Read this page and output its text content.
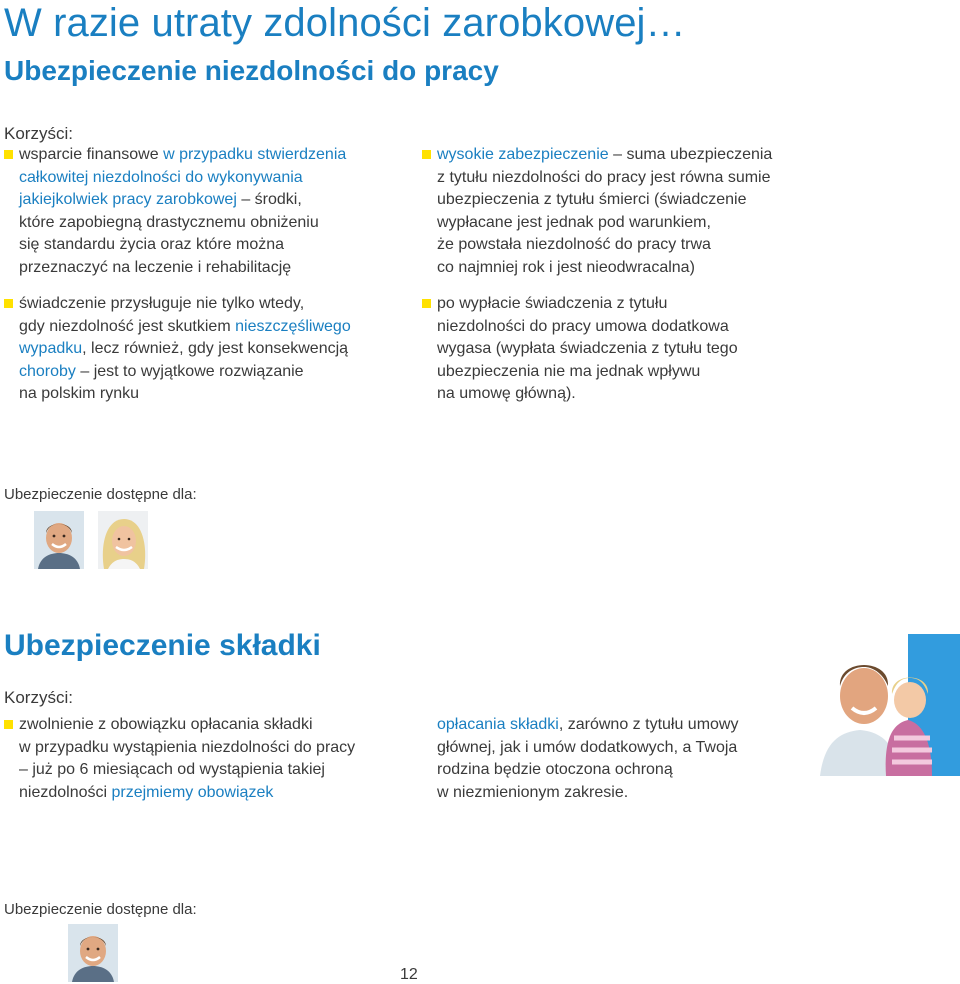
W razie utraty zdolności zarobkowej…
Ubezpieczenie niezdolności do pracy
Korzyści:
wsparcie finansowe w przypadku stwierdzenia
całkowitej niezdolności do wykonywania
jakiejkolwiek pracy zarobkowej – środki,
które zapobiegną drastycznemu obniżeniu
się standardu życia oraz które można
przeznaczyć na leczenie i rehabilitację
świadczenie przysługuje nie tylko wtedy,
gdy niezdolność jest skutkiem nieszczęśliwego
wypadku, lecz również, gdy jest konsekwencją
choroby – jest to wyjątkowe rozwiązanie
na polskim rynku
wysokie zabezpieczenie – suma ubezpieczenia
z tytułu niezdolności do pracy jest równa sumie
ubezpieczenia z tytułu śmierci (świadczenie
wypłacane jest jednak pod warunkiem,
że powstała niezdolność do pracy trwa
co najmniej rok i jest nieodwracalna)
po wypłacie świadczenia z tytułu
niezdolności do pracy umowa dodatkowa
wygasa (wypłata świadczenia z tytułu tego
ubezpieczenia nie ma jednak wpływu
na umowę główną).
Ubezpieczenie dostępne dla:
Ubezpieczenie składki
Korzyści:
zwolnienie z obowiązku opłacania składki
w przypadku wystąpienia niezdolności do pracy
– już po 6 miesiącach od wystąpienia takiej
niezdolności przejmiemy obowiązek
opłacania składki, zarówno z tytułu umowy
głównej, jak i umów dodatkowych, a Twoja
rodzina będzie otoczona ochroną
w niezmienionym zakresie.
Ubezpieczenie dostępne dla:
12
